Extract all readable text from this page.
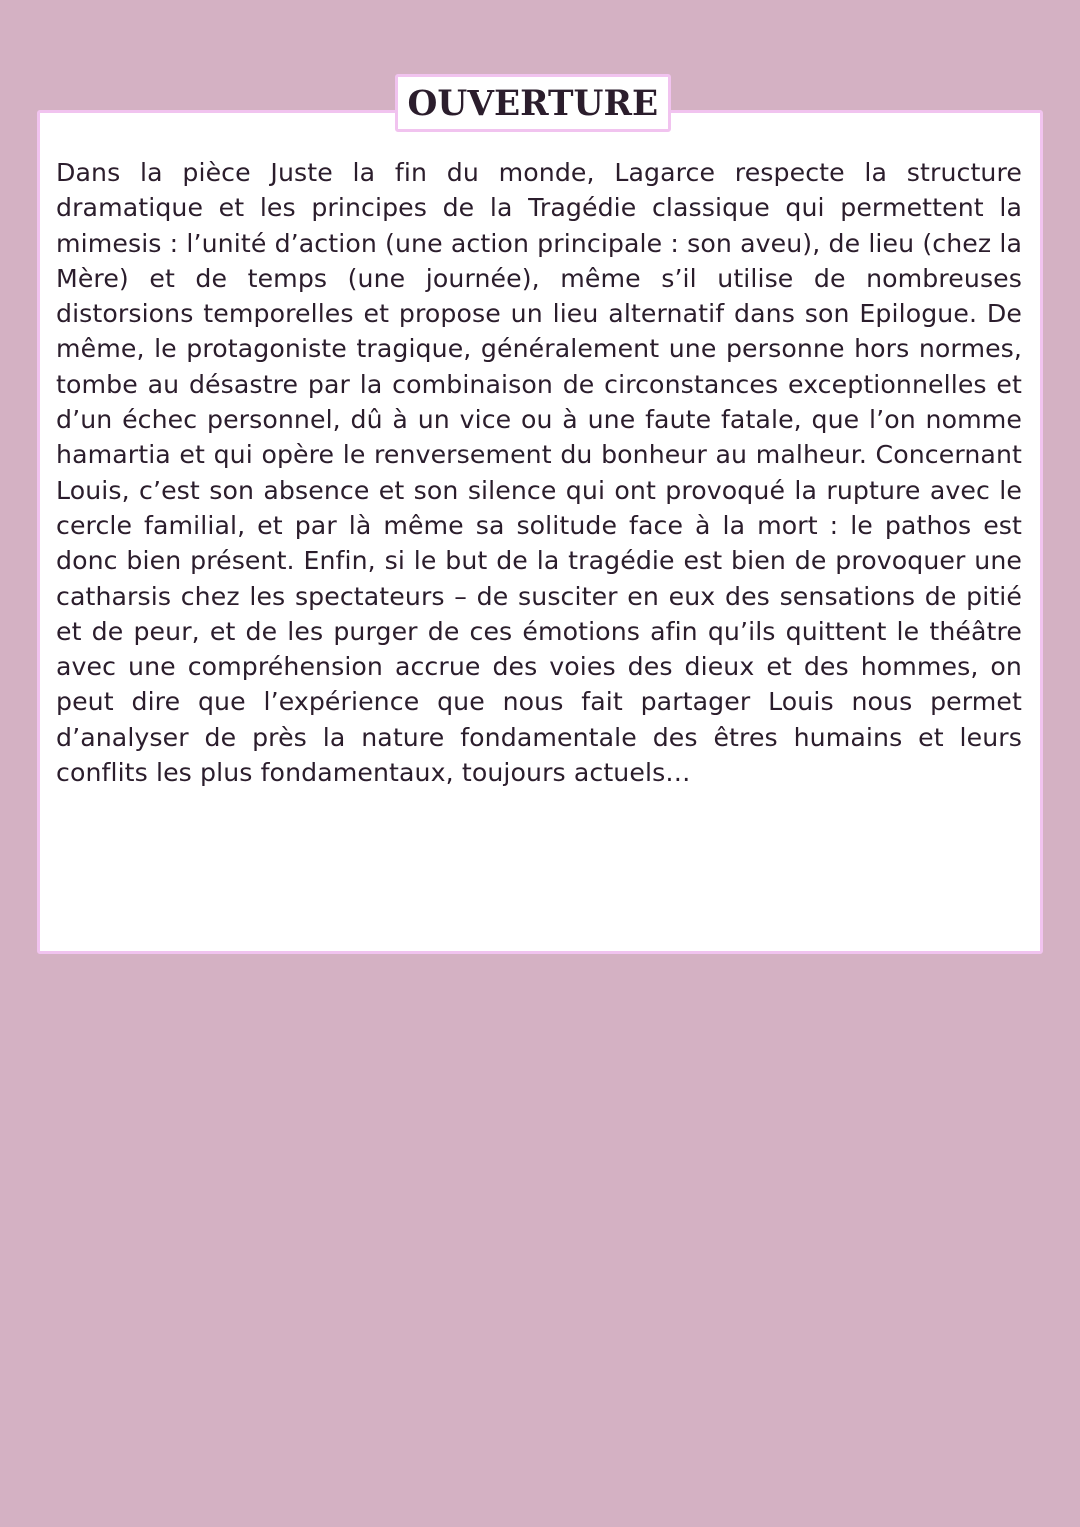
OUVERTURE

Dans la pièce Juste la fin du monde, Lagarce respecte la structure dramatique et les principes de la Tragédie classique qui permettent la mimesis : l’unité d’action (une action principale : son aveu), de lieu (chez la Mère) et de temps (une journée), même s’il utilise de nombreuses distorsions temporelles et propose un lieu alternatif dans son Epilogue. De même, le protagoniste tragique, généralement une personne hors normes, tombe au désastre par la combinaison de circonstances exceptionnelles et d’un échec personnel, dû à un vice ou à une faute fatale, que l’on nomme hamartia et qui opère le renversement du bonheur au malheur. Concernant Louis, c’est son absence et son silence qui ont provoqué la rupture avec le cercle familial, et par là même sa solitude face à la mort : le pathos est donc bien présent. Enfin, si le but de la tragédie est bien de provoquer une catharsis chez les spectateurs – de susciter en eux des sensations de pitié et de peur, et de les purger de ces émotions afin qu’ils quittent le théâtre avec une compréhension accrue des voies des dieux et des hommes, on peut dire que l’expérience que nous fait partager Louis nous permet d’analyser de près la nature fondamentale des êtres humains et leurs conflits les plus fondamentaux, toujours actuels…
